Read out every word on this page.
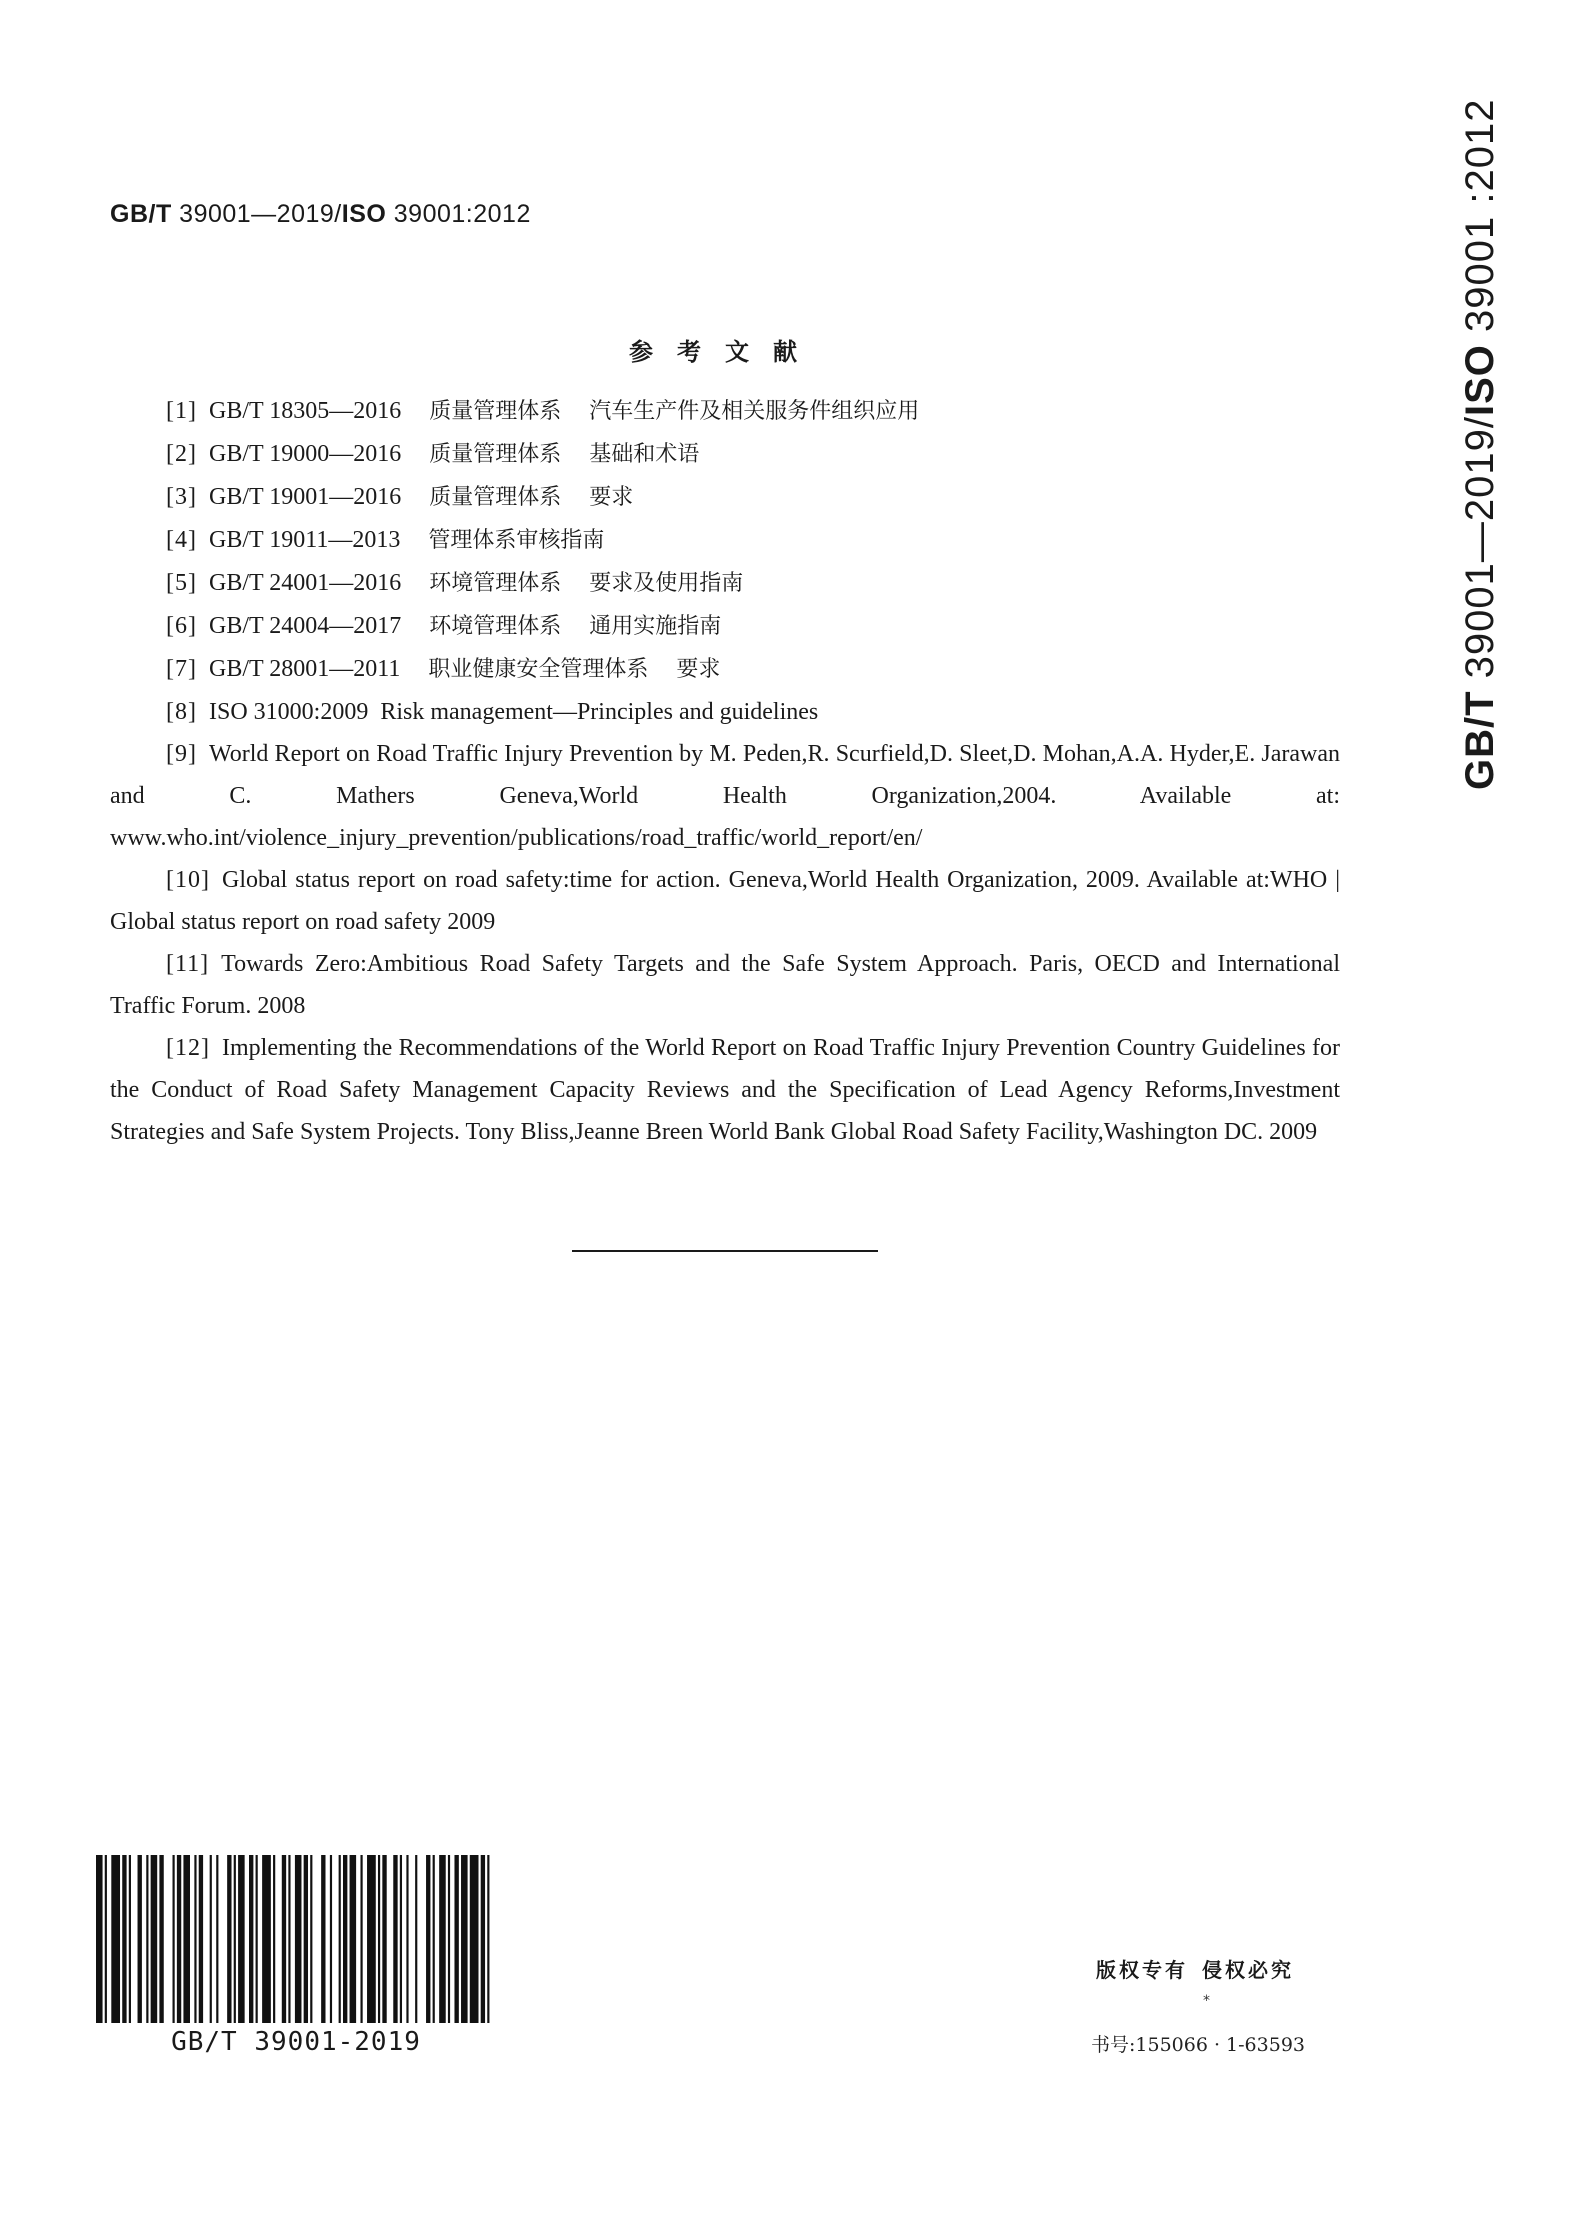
GB/T 39001—2019/ISO 39001:2012
GB/T 39001—2019/ISO 39001 :2012
参考文献

[1] GB/T 18305—2016 质量管理体系 汽车生产件及相关服务件组织应用

[2] GB/T 19000—2016 质量管理体系 基础和术语

[3] GB/T 19001—2016 质量管理体系 要求

[4] GB/T 19011—2013 管理体系审核指南

[5] GB/T 24001—2016 环境管理体系 要求及使用指南

[6] GB/T 24004—2017 环境管理体系 通用实施指南

[7] GB/T 28001—2011 职业健康安全管理体系 要求

[8] ISO 31000:2009  Risk management—Principles and guidelines

[9] World Report on Road Traffic Injury Prevention by M. Peden,R. Scurfield,D. Sleet,D. Mohan,A.A. Hyder,E. Jarawan and C. Mathers Geneva,World Health Organization,2004. Available at: www.who.int/violence_injury_prevention/publications/road_traffic/world_report/en/

[10] Global status report on road safety:time for action. Geneva,World Health Organization, 2009. Available at:WHO | Global status report on road safety 2009

[11] Towards Zero:Ambitious Road Safety Targets and the Safe System Approach. Paris, OECD and International Traffic Forum. 2008

[12] Implementing the Recommendations of the World Report on Road Traffic Injury Prevention Country Guidelines for the Conduct of Road Safety Management Capacity Reviews and the Specification of Lead Agency Reforms,Investment Strategies and Safe System Projects. Tony Bliss,Jeanne Breen World Bank Global Road Safety Facility,Washington DC. 2009

GB/T 39001-2019
版权专有 侵权必究
*
书号:155066 · 1-63593
